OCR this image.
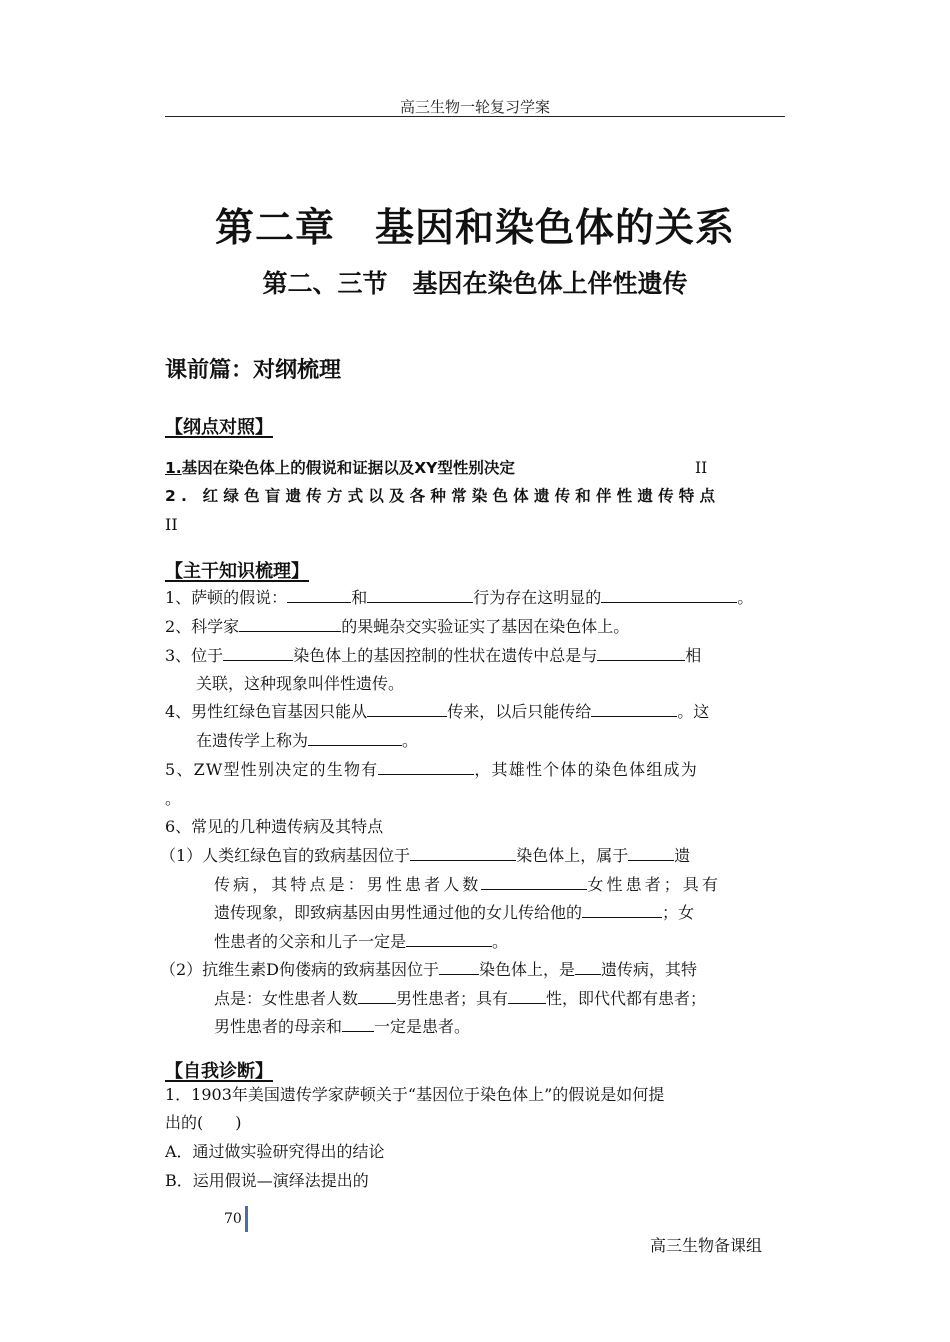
高三生物一轮复习学案
第二章　基因和染色体的关系
第二、三节　基因在染色体上伴性遗传
课前篇：对纲梳理
【纲点对照】
1.基因在染色体上的假说和证据以及XY型性别决定	II
2. 红绿色盲遗传方式以及各种常染色体遗传和伴性遗传特点
II
【主干知识梳理】
1、萨顿的假说：	和	行为存在这明显的	。
2、科学家	的果蝇杂交实验证实了基因在染色体上。
3、位于	染色体上的基因控制的性状在遗传中总是与	相
关联，这种现象叫伴性遗传。
4、男性红绿色盲基因只能从	传来，以后只能传给	。这
在遗传学上称为	。
5、ZW型性别决定的生物有	，其雄性个体的染色体组成为
。
6、常见的几种遗传病及其特点
（1）人类红绿色盲的致病基因位于	染色体上，属于	遗
传病，其特点是：男性患者人数	女性患者；具有
遗传现象，即致病基因由男性通过他的女儿传给他的	；女
性患者的父亲和儿子一定是	。
（2）抗维生素D佝偻病的致病基因位于	染色体上，是 遗传病，其特
点是：女性患者人数 男性患者；具有 性，即代代都有患者；
男性患者的母亲和 一定是患者。
【自我诊断】
1．1903年美国遗传学家萨顿关于“基因位于染色体上”的假说是如何提
出的(　　)
A．通过做实验研究得出的结论
B．运用假说—演绎法提出的
70
高三生物备课组
